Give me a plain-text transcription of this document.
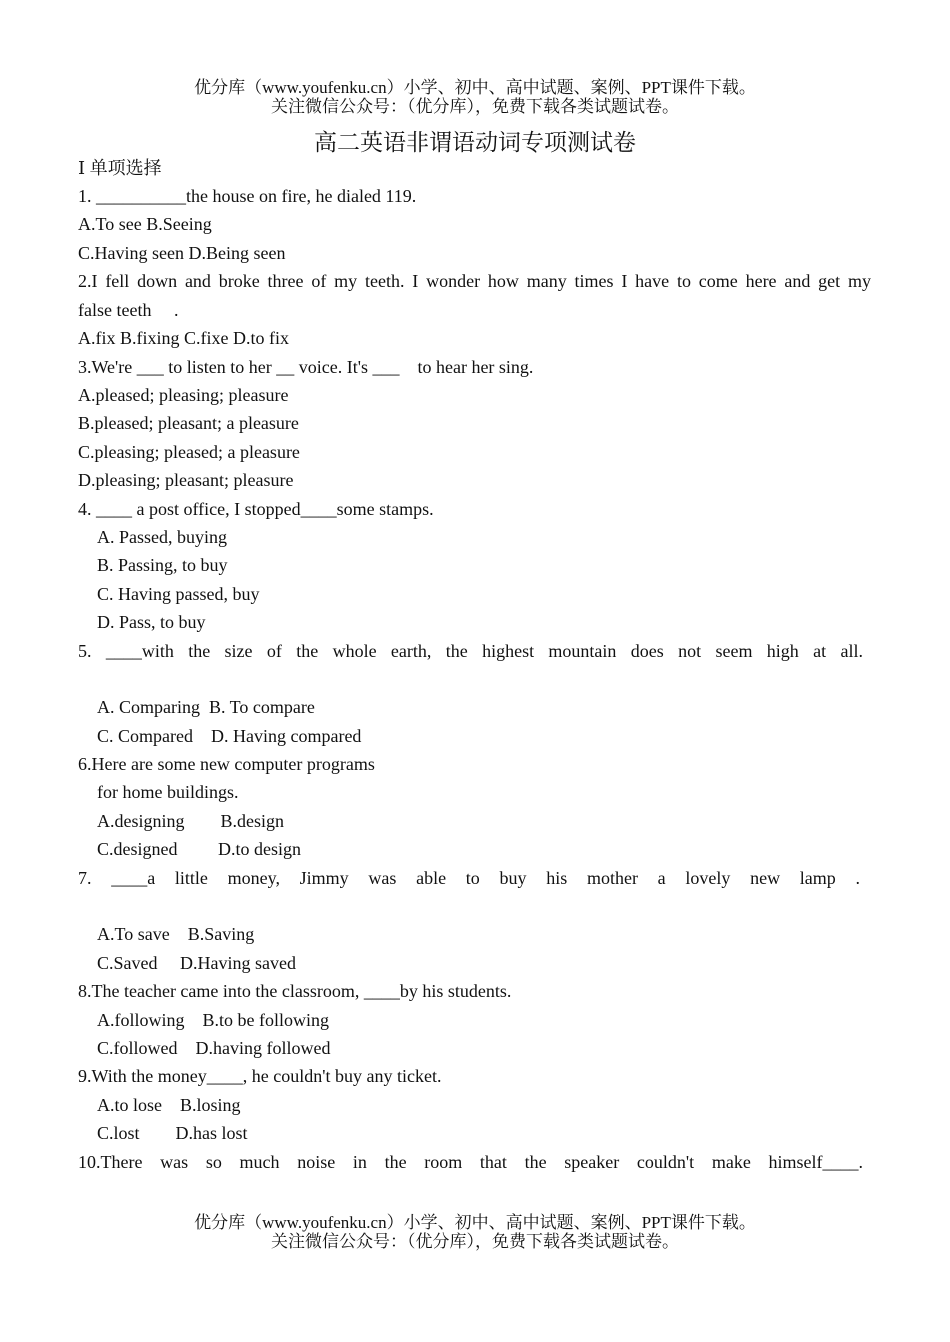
优分库（www.youfenku.cn）小学、初中、高中试题、案例、PPT课件下载。
关注微信公众号：（优分库），免费下载各类试题试卷。
高二英语非谓语动词专项测试卷
Ⅰ 单项选择
1. __________the house on fire, he dialed 119.
A.To see B.Seeing
C.Having seen D.Being seen
2.I fell down and broke three of my teeth. I wonder how many times I have to come here and get my
false teeth     .
A.fix B.fixing C.fixe D.to fix
3.We're ___ to listen to her __ voice. It's ___    to hear her sing.
A.pleased; pleasing; pleasure
B.pleased; pleasant; a pleasure
C.pleasing; pleased; a pleasure
D.pleasing; pleasant; pleasure
4. ____ a post office, I stopped____some stamps.
A. Passed, buying
B. Passing, to buy
C. Having passed, buy
D. Pass, to buy
5. ____with the size of the whole earth, the highest mountain does not seem high at all.
A. Comparing  B. To compare
C. Compared    D. Having compared
6.Here are some new computer programs
for home buildings.
A.designing        B.design
C.designed         D.to design
7. ____a little money, Jimmy was able to buy his mother a lovely new lamp .
A.To save    B.Saving
C.Saved     D.Having saved
8.The teacher came into the classroom, ____by his students.
A.following    B.to be following
C.followed    D.having followed
9.With the money____, he couldn't buy any ticket.
A.to lose    B.losing
C.lost        D.has lost
10.There was so much noise in the room that the speaker couldn't make himself____.
优分库（www.youfenku.cn）小学、初中、高中试题、案例、PPT课件下载。
关注微信公众号：（优分库），免费下载各类试题试卷。
